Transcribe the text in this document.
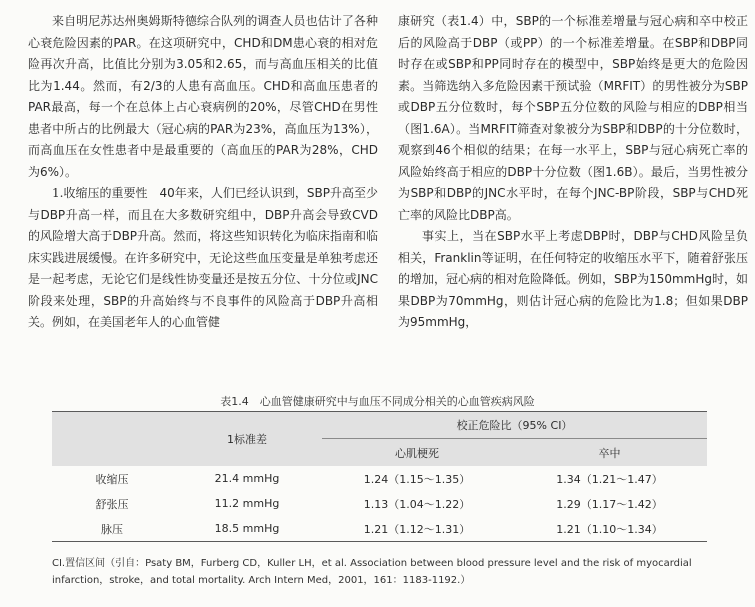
来自明尼苏达州奥姆斯特德综合队列的调查人员也估计了各种心衰危险因素的PAR。在这项研究中，CHD和DM患心衰的相对危险再次升高，比值比分别为3.05和2.65，而与高血压相关的比值比为1.44。然而，有2/3的人患有高血压。CHD和高血压患者的PAR最高，每一个在总体上占心衰病例的20%，尽管CHD在男性患者中所占的比例最大（冠心病的PAR为23%，高血压为13%），而高血压在女性患者中是最重要的（高血压的PAR为28%，CHD为6%）。

1.收缩压的重要性　 40年来，人们已经认识到，SBP升高至少与DBP升高一样，而且在大多数研究组中，DBP升高会导致CVD的风险增大高于DBP升高。然而，将这些知识转化为临床指南和临床实践进展缓慢。在许多研究中，无论这些血压变量是单独考虑还是一起考虑，无论它们是线性协变量还是按五分位、十分位或JNC阶段来处理，SBP的升高始终与不良事件的风险高于DBP升高相关。例如，在美国老年人的心血管健

康研究（表1.4）中，SBP的一个标准差增量与冠心病和卒中校正后的风险高于DBP（或PP）的一个标准差增量。在SBP和DBP同时存在或SBP和PP同时存在的模型中，SBP始终是更大的危险因素。当筛选纳入多危险因素干预试验（MRFIT）的男性被分为SBP或DBP五分位数时，每个SBP五分位数的风险与相应的DBP相当（图1.6A）。当MRFIT筛查对象被分为SBP和DBP的十分位数时，观察到46个相似的结果；在每一水平上，SBP与冠心病死亡率的风险始终高于相应的DBP十分位数（图1.6B）。最后，当男性被分为SBP和DBP的JNC水平时，在每个JNC-BP阶段，SBP与CHD死亡率的风险比DBP高。

事实上，当在SBP水平上考虑DBP时，DBP与CHD风险呈负相关，Franklin等证明，在任何特定的收缩压水平下，随着舒张压的增加，冠心病的相对危险降低。例如，SBP为150mmHg时，如果DBP为70mmHg，则估计冠心病的危险比为1.8；但如果DBP为95mmHg，

表1.4　心血管健康研究中与血压不同成分相关的心血管疾病风险
	1标准差	校正危险比（95% CI）	
		心肌梗死	卒中
收缩压	21.4 mmHg	1.24（1.15～1.35）	1.34（1.21～1.47）
舒张压	11.2 mmHg	1.13（1.04～1.22）	1.29（1.17～1.42）
脉压	18.5 mmHg	1.21（1.12～1.31）	1.21（1.10～1.34）
CI.置信区间（引自：Psaty BM，Furberg CD，Kuller LH，et al. Association between blood pressure level and the risk of myocardial infarction，stroke，and total mortality. Arch Intern Med，2001，161：1183-1192.）
